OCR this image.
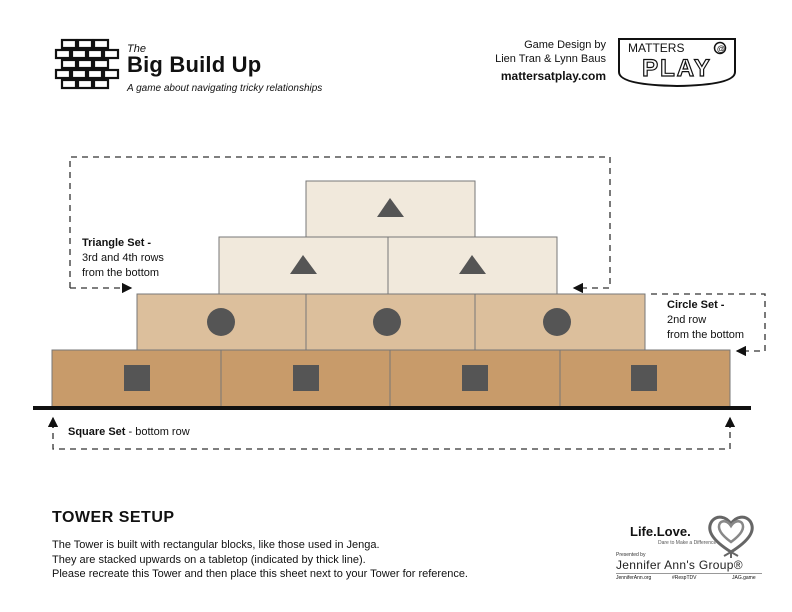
The
Big Build Up
A game about navigating tricky relationships
Game Design by
Lien Tran & Lynn Baus
mattersatplay.com
MATTERS	@
PLAY
Triangle Set -
3rd and 4th rows
from the bottom
Circle Set -
2nd row
from the bottom
Square Set - bottom row
TOWER SETUP
The Tower is built with rectangular blocks, like those used in Jenga.
They are stacked upwards on a tabletop (indicated by thick line).
Please recreate this Tower and then place this sheet next to your Tower for reference.
Life.Love.
Dare to Make a Difference
Presented by
Jennifer Ann's Group®
JenniferAnn.org	#RespTDV	JAG.game
